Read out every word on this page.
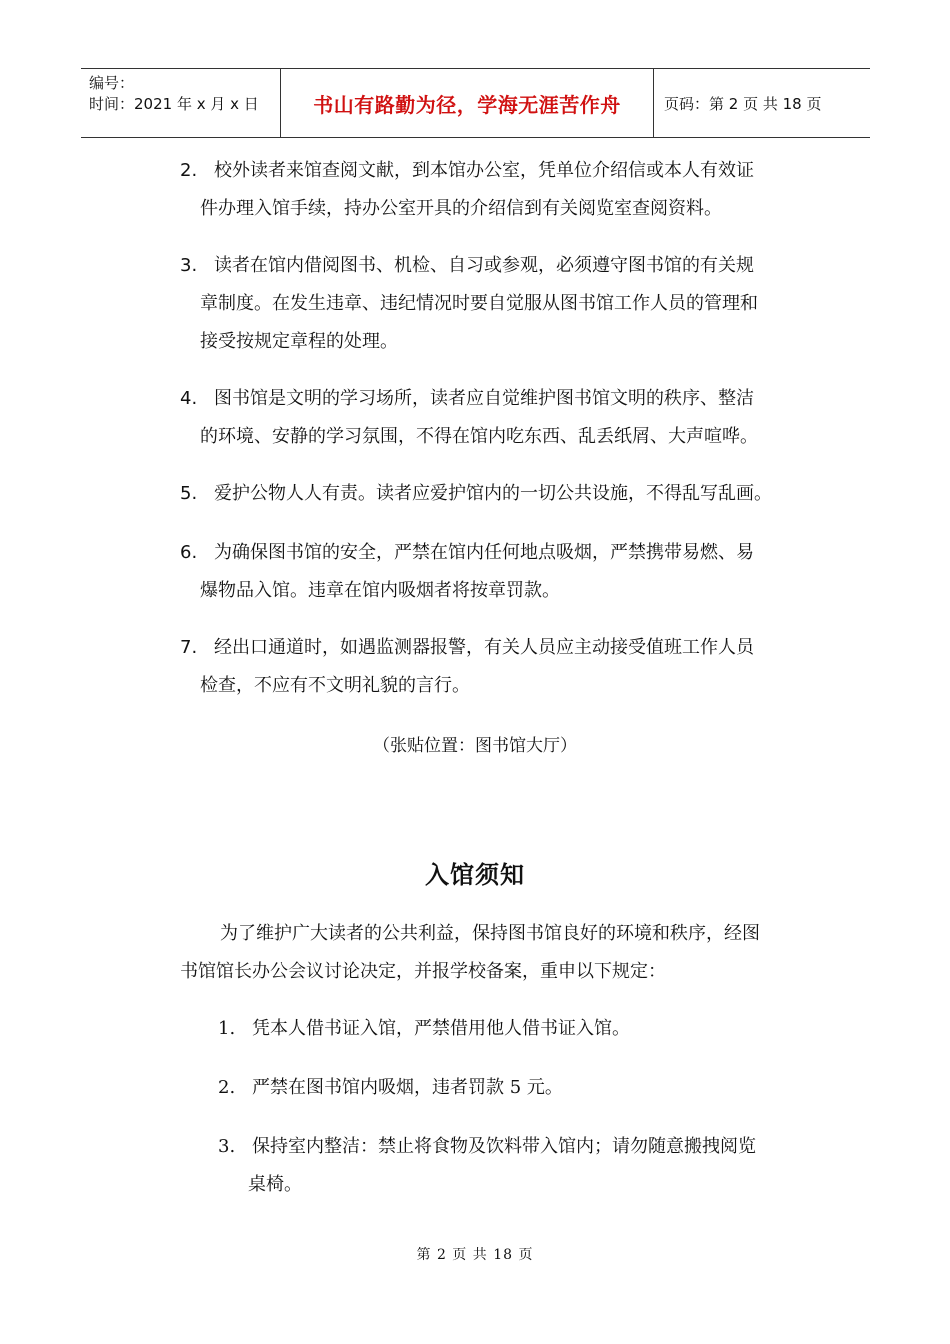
编号：
时间：2021 年 x 月 x 日	书山有路勤为径，学海无涯苦作舟	页码：第 2 页 共 18 页
2. 校外读者来馆查阅文献，到本馆办公室，凭单位介绍信或本人有效证
件办理入馆手续，持办公室开具的介绍信到有关阅览室查阅资料。
3. 读者在馆内借阅图书、机检、自习或参观，必须遵守图书馆的有关规
章制度。在发生违章、违纪情况时要自觉服从图书馆工作人员的管理和
接受按规定章程的处理。
4. 图书馆是文明的学习场所，读者应自觉维护图书馆文明的秩序、整洁
的环境、安静的学习氛围，不得在馆内吃东西、乱丢纸屑、大声喧哗。
5. 爱护公物人人有责。读者应爱护馆内的一切公共设施，不得乱写乱画。
6. 为确保图书馆的安全，严禁在馆内任何地点吸烟，严禁携带易燃、易
爆物品入馆。违章在馆内吸烟者将按章罚款。
7. 经出口通道时，如遇监测器报警，有关人员应主动接受值班工作人员
检查，不应有不文明礼貌的言行。
（张贴位置：图书馆大厅）
入馆须知
为了维护广大读者的公共利益，保持图书馆良好的环境和秩序，经图
书馆馆长办公会议讨论决定，并报学校备案，重申以下规定：
1. 凭本人借书证入馆，严禁借用他人借书证入馆。
2. 严禁在图书馆内吸烟，违者罚款 5 元。
3. 保持室内整洁：禁止将食物及饮料带入馆内；请勿随意搬拽阅览
桌椅。
第 2 页 共 18 页
